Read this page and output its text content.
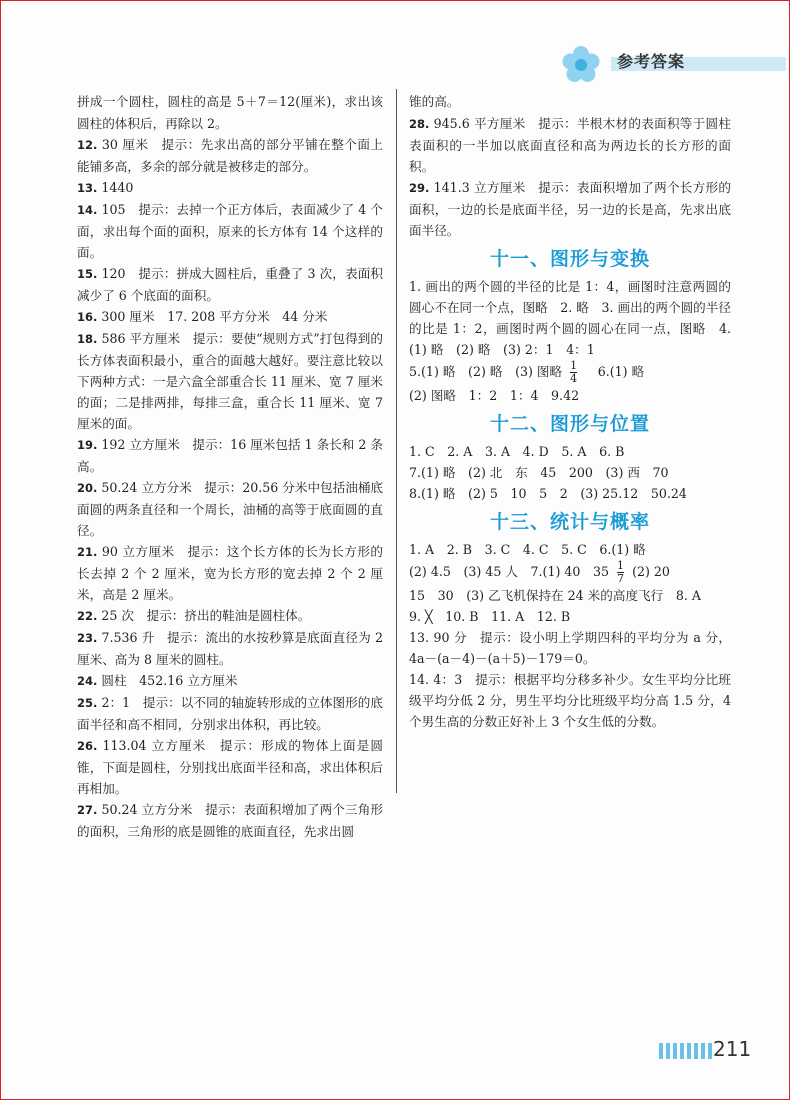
参考答案

拼成一个圆柱，圆柱的高是 5＋7＝12(厘米)，求出该圆柱的体积后，再除以 2。

12. 30 厘米　提示：先求出高的部分平铺在整个面上能铺多高，多余的部分就是被移走的部分。

13. 1440

14. 105　提示：去掉一个正方体后，表面减少了 4 个面，求出每个面的面积，原来的长方体有 14 个这样的面。

15. 120　提示：拼成大圆柱后，重叠了 3 次，表面积减少了 6 个底面的面积。

16. 300 厘米　17. 208 平方分米　44 分米

18. 586 平方厘米　提示：要使“规则方式”打包得到的长方体表面积最小，重合的面越大越好。要注意比较以下两种方式：一是六盒全部重合长 11 厘米、宽 7 厘米的面；二是排两排，每排三盒，重合长 11 厘米、宽 7 厘米的面。

19. 192 立方厘米　提示：16 厘米包括 1 条长和 2 条高。

20. 50.24 立方分米　提示：20.56 分米中包括油桶底面圆的两条直径和一个周长，油桶的高等于底面圆的直径。

21. 90 立方厘米　提示：这个长方体的长为长方形的长去掉 2 个 2 厘米，宽为长方形的宽去掉 2 个 2 厘米，高是 2 厘米。

22. 25 次　提示：挤出的鞋油是圆柱体。

23. 7.536 升　提示：流出的水按秒算是底面直径为 2 厘米、高为 8 厘米的圆柱。

24. 圆柱　452.16 立方厘米

25. 2：1　提示：以不同的轴旋转形成的立体图形的底面半径和高不相同，分别求出体积，再比较。

26. 113.04 立方厘米　提示：形成的物体上面是圆锥，下面是圆柱，分别找出底面半径和高，求出体积后再相加。

27. 50.24 立方分米　提示：表面积增加了两个三角形的面积，三角形的底是圆锥的底面直径，先求出圆

锥的高。

28. 945.6 平方厘米　提示：半根木材的表面积等于圆柱表面积的一半加以底面直径和高为两边长的长方形的面积。

29. 141.3 立方厘米　提示：表面积增加了两个长方形的面积，一边的长是底面半径，另一边的长是高，先求出底面半径。

十一、图形与变换

1. 画出的两个圆的半径的比是 1：4，画图时注意两圆的圆心不在同一个点，图略　2. 略　3. 画出的两个圆的半径的比是 1：2，画图时两个圆的圆心在同一点，图略　4.(1) 略　(2) 略　(3) 2：1　4：1

5.(1) 略　(2) 略　(3) 图略 $\frac{1}{4}$ 　6.(1) 略

(2) 图略　1：2　1：4　9.42

十二、图形与位置

1. C　2. A　3. A　4. D　5. A　6. B

7.(1) 略　(2) 北　东　45　200　(3) 西　70

8.(1) 略　(2) 5　10　5　2　(3) 25.12　50.24

十三、统计与概率

1. A　2. B　3. C　4. C　5. C　6.(1) 略

(2) 4.5　(3) 45 人　7.(1) 40　$35 \frac{1}{7} (2)$ 20

15　30　(3) 乙飞机保持在 24 米的高度飞行　8. A

9. ╳　10. B　11. A　12. B

13. 90 分　提示：设小明上学期四科的平均分为 a 分，4a－(a－4)－(a＋5)－179＝0。

14. 4：3　提示：根据平均分移多补少。女生平均分比班级平均分低 2 分，男生平均分比班级平均分高 1.5 分，4 个男生高的分数正好补上 3 个女生低的分数。

211
